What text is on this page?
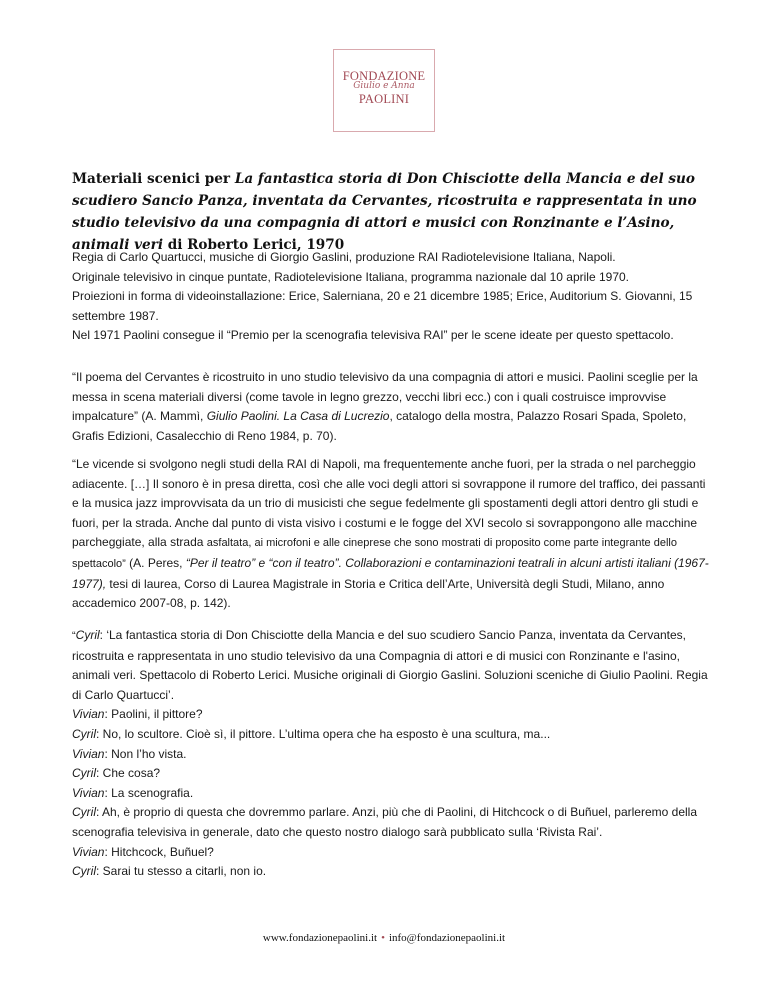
FONDAZIONE
Giulio e Anna
PAOLINI
Materiali scenici per La fantastica storia di Don Chisciotte della Mancia e del suo scudiero Sancio Panza, inventata da Cervantes, ricostruita e rappresentata in uno studio televisivo da una compagnia di attori e musici con Ronzinante e l’Asino, animali veri di Roberto Lerici, 1970

Regia di Carlo Quartucci, musiche di Giorgio Gaslini, produzione RAI Radiotelevisione Italiana, Napoli.

Originale televisivo in cinque puntate, Radiotelevisione Italiana, programma nazionale dal 10 aprile 1970.

Proiezioni in forma di videoinstallazione: Erice, Salerniana, 20 e 21 dicembre 1985; Erice, Auditorium S. Giovanni, 15 settembre 1987.

Nel 1971 Paolini consegue il “Premio per la scenografia televisiva RAI” per le scene ideate per questo spettacolo.

“Il poema del Cervantes è ricostruito in uno studio televisivo da una compagnia di attori e musici. Paolini sceglie per la messa in scena materiali diversi (come tavole in legno grezzo, vecchi libri ecc.) con i quali costruisce improvvise impalcature” (A. Mammì, Giulio Paolini. La Casa di Lucrezio, catalogo della mostra, Palazzo Rosari Spada, Spoleto, Grafis Edizioni, Casalecchio di Reno 1984, p. 70).

“Le vicende si svolgono negli studi della RAI di Napoli, ma frequentemente anche fuori, per la strada o nel parcheggio adiacente. […] Il sonoro è in presa diretta, così che alle voci degli attori si sovrappone il rumore del traffico, dei passanti e la musica jazz improvvisata da un trio di musicisti che segue fedelmente gli spostamenti degli attori dentro gli studi e fuori, per la strada. Anche dal punto di vista visivo i costumi e le fogge del XVI secolo si sovrappongono alle macchine parcheggiate, alla strada asfaltata, ai microfoni e alle cineprese che sono mostrati di proposito come parte integrante dello spettacolo” (A. Peres, “Per il teatro” e “con il teatro”. Collaborazioni e contaminazioni teatrali in alcuni artisti italiani (1967-1977), tesi di laurea, Corso di Laurea Magistrale in Storia e Critica dell’Arte, Università degli Studi, Milano, anno accademico 2007-08, p. 142).

“Cyril: ‘La fantastica storia di Don Chisciotte della Mancia e del suo scudiero Sancio Panza, inventata da Cervantes, ricostruita e rappresentata in uno studio televisivo da una Compagnia di attori e di musici con Ronzinante e l'asino, animali veri. Spettacolo di Roberto Lerici. Musiche originali di Giorgio Gaslini. Soluzioni sceniche di Giulio Paolini. Regia di Carlo Quartucci’.

Vivian: Paolini, il pittore?

Cyril: No, lo scultore. Cioè sì, il pittore. L’ultima opera che ha esposto è una scultura, ma...

Vivian: Non l’ho vista.

Cyril: Che cosa?

Vivian: La scenografia.

Cyril: Ah, è proprio di questa che dovremmo parlare. Anzi, più che di Paolini, di Hitchcock o di Buñuel, parleremo della scenografia televisiva in generale, dato che questo nostro dialogo sarà pubblicato sulla ‘Rivista Rai’.

Vivian: Hitchcock, Buñuel?

Cyril: Sarai tu stesso a citarli, non io.

www.fondazionepaolini.it • info@fondazionepaolini.it
